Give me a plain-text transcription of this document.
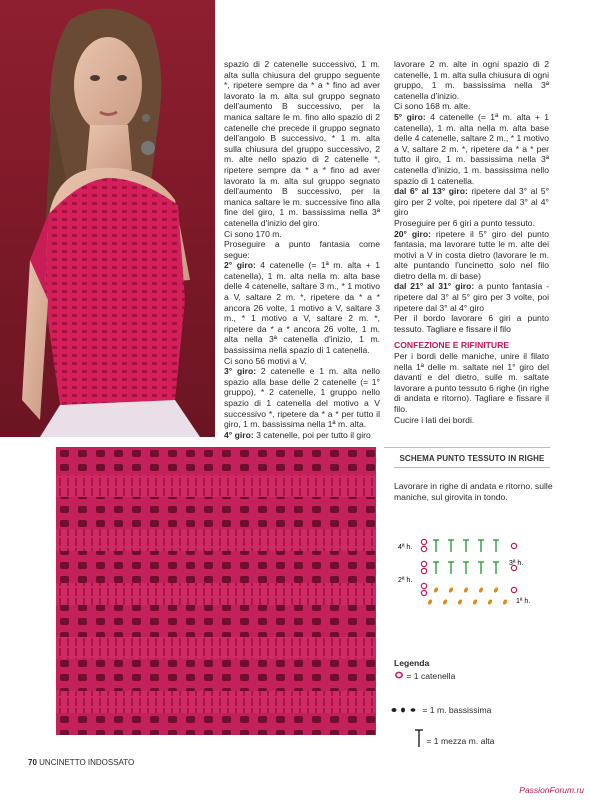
spazio di 2 catenelle successivo, 1 m. alta sulla chiusura del gruppo seguente *, ripetere sempre da * a * fino ad aver lavorato la m. alta sul gruppo segnato dell'aumento B successivo, per la manica saltare le m. fino allo spazio di 2 catenelle che precede il gruppo segnato dell'angolo B successivo, * 1 m. alta sulla chiusura del gruppo successivo, 2 m. alte nello spazio di 2 catenelle *, ripetere sempre da * a * fino ad aver lavorato la m. alta sul gruppo segnato dell'aumento B successivo, per la manica saltare le m. successive fino alla fine del giro, 1 m. bassissima nella 3ª catenella d'inizio del giro.

Ci sono 170 m.

Proseguire a punto fantasia come segue:

2° giro: 4 catenelle (= 1ª m. alta + 1 catenella), 1 m. alta nella m. alta base delle 4 catenelle, saltare 3 m., * 1 motivo a V, saltare 2 m. *, ripetere da * a * ancora 26 volte, 1 motivo a V, saltare 3 m., * 1 motivo a V, saltare 2 m. *, ripetere da * a * ancora 26 volte, 1 m. alta nella 3ª catenella d'inizio, 1 m. bassissima nella spazio di 1 catenella.

Ci sono 56 motivi a V.

3° giro: 2 catenelle e 1 m. alta nello spazio alla base delle 2 catenelle (= 1° gruppo), * 2 catenelle, 1 gruppo nello spazio di 1 catenella del motivo a V successivo *, ripetere da * a * per tutto il giro, 1 m. bassissima nella 1ª m. alta.

4° giro: 3 catenelle, poi per tutto il giro

lavorare 2 m. alte in ogni spazio di 2 catenelle, 1 m. alta sulla chiusura di ogni gruppo, 1 m. bassissima nella 3ª catenella d'inizio.

Ci sono 168 m. alte.

5° giro: 4 catenelle (= 1ª m. alta + 1 catenella), 1 m. alta nella m. alta base delle 4 catenelle, saltare 2 m., * 1 motivo a V, saltare 2 m. *, ripetere da * a * per tutto il giro, 1 m. bassissima nella 3ª catenella d'inizio, 1 m. bassissima nello spazio di 1 catenella.

dal 6° al 13° giro: ripetere dal 3° al 5° giro per 2 volte, poi ripetere dal 3° al 4° giro

Proseguire per 6 giri a punto tessuto.

20° giro: ripetere il 5° giro del punto fantasia, ma lavorare tutte le m. alte dei motivi a V in costa dietro (lavorare le m. alte puntando l'uncinetto solo nel filo dietro della m. di base)

dal 21° al 31° giro: a punto fantasia - ripetere dal 3° al 5° giro per 3 volte, poi ripetere dal 3° al 4° giro

Per il bordo lavorare 6 giri a punto tessuto. Tagliare e fissare il filo

CONFEZIONE E RIFINITURE

Per i bordi delle maniche, unire il filato nella 1ª delle m. saltate nel 1° giro del davanti e del dietro, sulle m. saltate lavorare a punto tessuto 6 righe (in righe di andata e ritorno). Tagliare e fissare il filo.

Cucire i lati dei bordi.

SCHEMA PUNTO TESSUTO IN RIGHE
Lavorare in righe di andata e ritorno. sulle maniche, sul girovita in tondo.
4ª h.
3ª h.
2ª h.
1ª h.
Legenda
= 1 catenella
= 1 m. bassissima
= 1 mezza m. alta
70 UNCINETTO INDOSSATO
PassionForum.ru
